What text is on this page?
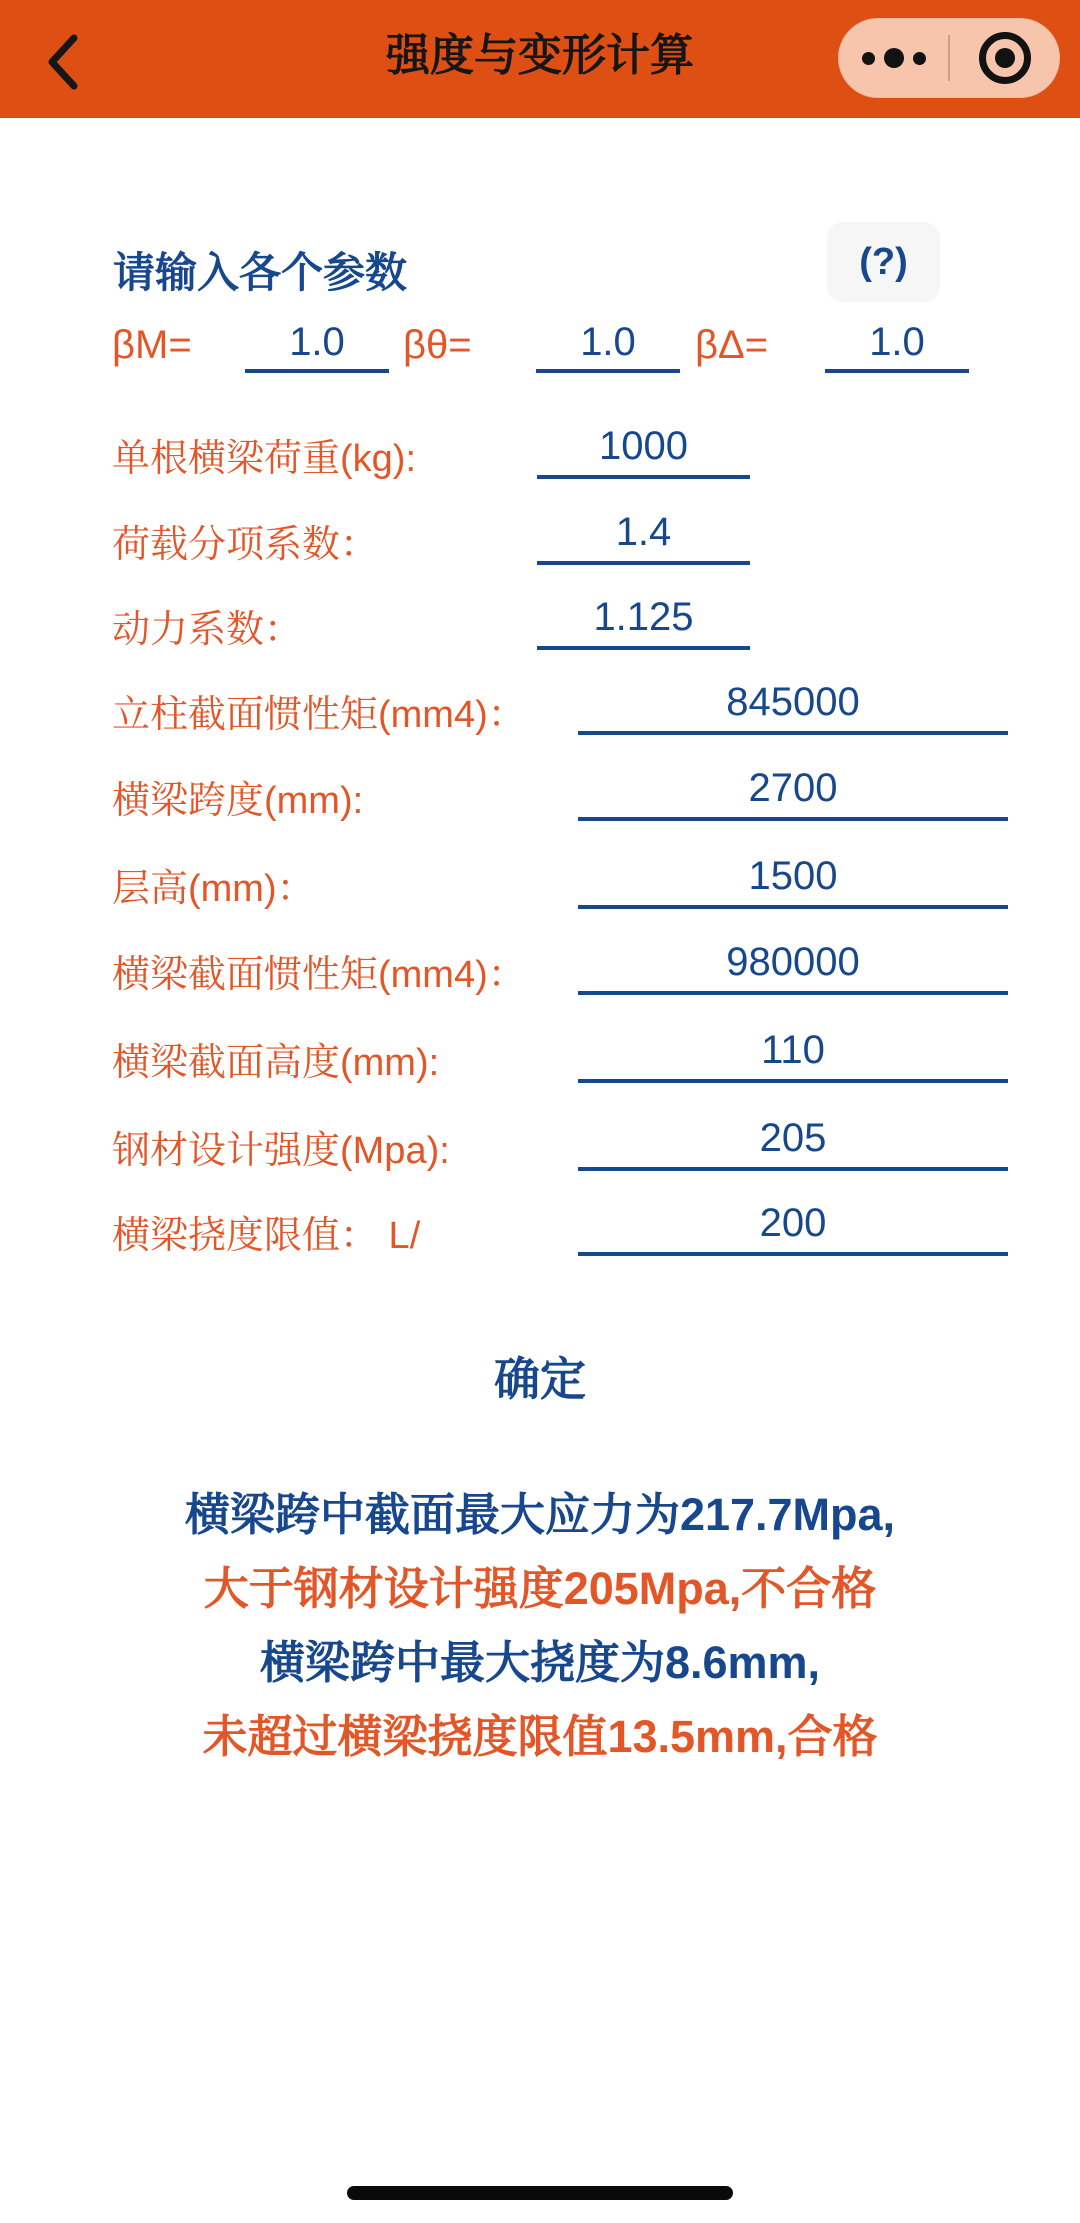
强度与变形计算
请输入各个参数	(?)
βM=
1.0	βθ=
1.0	βΔ=
1.0
单根横梁荷重(kg):
1000
荷载分项系数：
1.4
动力系数：
1.125
立柱截面惯性矩(mm4)：
845000
横梁跨度(mm):
2700
层高(mm)：
1500
横梁截面惯性矩(mm4)：
980000
横梁截面高度(mm):
110
钢材设计强度(Mpa):
205
横梁挠度限值： L/
200
确定
横梁跨中截面最大应力为217.7Mpa,
大于钢材设计强度205Mpa,不合格
横梁跨中最大挠度为8.6mm,
未超过横梁挠度限值13.5mm,合格
